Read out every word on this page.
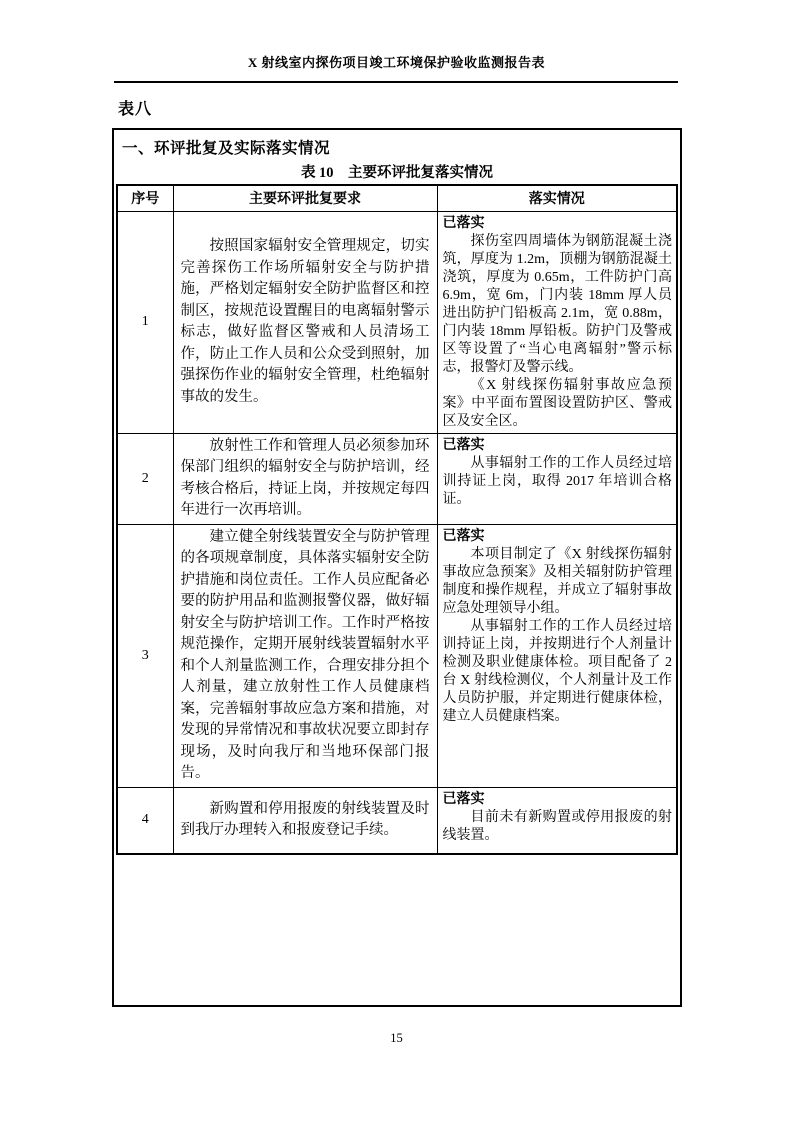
X 射线室内探伤项目竣工环境保护验收监测报告表
表八
一、环评批复及实际落实情况
表 10　主要环评批复落实情况
序号	主要环评批复要求	落实情况
1	按照国家辐射安全管理规定，切实完善探伤工作场所辐射安全与防护措施，严格划定辐射安全防护监督区和控制区，按规范设置醒目的电离辐射警示标志，做好监督区警戒和人员清场工作，防止工作人员和公众受到照射，加强探伤作业的辐射安全管理，杜绝辐射事故的发生。	已落实

探伤室四周墙体为钢筋混凝土浇筑，厚度为 1.2m，顶棚为钢筋混凝土浇筑，厚度为 0.65m，工件防护门高 6.9m，宽 6m，门内装 18mm 厚人员进出防护门铅板高 2.1m，宽 0.88m，门内装 18mm 厚铅板。防护门及警戒区等设置了“当心电离辐射”警示标志，报警灯及警示线。

《X 射线探伤辐射事故应急预案》中平面布置图设置防护区、警戒区及安全区。

2	放射性工作和管理人员必须参加环保部门组织的辐射安全与防护培训，经考核合格后，持证上岗，并按规定每四年进行一次再培训。	已落实

从事辐射工作的工作人员经过培训持证上岗，取得 2017 年培训合格证。

3	建立健全射线装置安全与防护管理的各项规章制度，具体落实辐射安全防护措施和岗位责任。工作人员应配备必要的防护用品和监测报警仪器，做好辐射安全与防护培训工作。工作时严格按规范操作，定期开展射线装置辐射水平和个人剂量监测工作，合理安排分担个人剂量，建立放射性工作人员健康档案，完善辐射事故应急方案和措施，对发现的异常情况和事故状况要立即封存现场，及时向我厅和当地环保部门报告。	已落实

本项目制定了《X 射线探伤辐射事故应急预案》及相关辐射防护管理制度和操作规程，并成立了辐射事故应急处理领导小组。

从事辐射工作的工作人员经过培训持证上岗，并按期进行个人剂量计检测及职业健康体检。项目配备了 2 台 X 射线检测仪，个人剂量计及工作人员防护服，并定期进行健康体检，建立人员健康档案。

4	新购置和停用报废的射线装置及时到我厅办理转入和报废登记手续。	已落实

目前未有新购置或停用报废的射线装置。

15
